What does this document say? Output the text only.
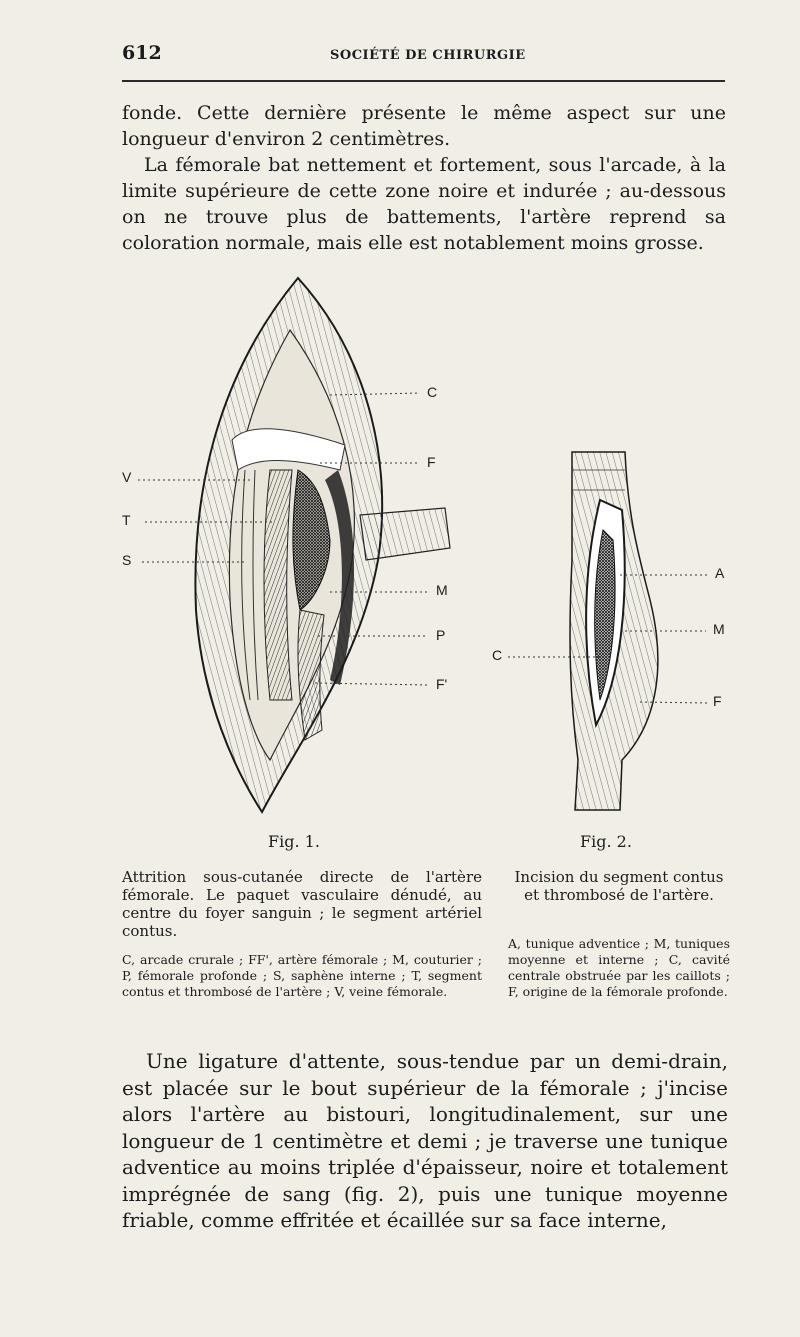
612	SOCIÉTÉ DE CHIRURGIE

fonde. Cette dernière présente le même aspect sur une longueur d'environ 2 centimètres.

La fémorale bat nettement et fortement, sous l'arcade, à la limite supérieure de cette zone noire et indurée ; au-dessous on ne trouve plus de battements, l'artère reprend sa coloration normale, mais elle est notablement moins grosse.

C
F
V
T
S
M
P
F'
A
M
C
F
Fig. 1.	Fig. 2.
Attrition sous-cutanée directe de l'artère fémorale. Le paquet vasculaire dénudé, au centre du foyer sanguin ; le segment artériel contus.
C, arcade crurale ; FF', artère fémorale ; M, couturier ; P, fémorale profonde ; S, saphène interne ; T, segment contus et thrombosé de l'artère ; V, veine fémorale.
Incision du segment contus et thrombosé de l'artère.
A, tunique adventice ; M, tuniques moyenne et interne ; C, cavité centrale obstruée par les caillots ; F, origine de la fémorale profonde.

Une ligature d'attente, sous-tendue par un demi-drain, est placée sur le bout supérieur de la fémorale ; j'incise alors l'artère au bistouri, longitudinalement, sur une longueur de 1 centimètre et demi ; je traverse une tunique adventice au moins triplée d'épaisseur, noire et totalement imprégnée de sang (fig. 2), puis une tunique moyenne friable, comme effritée et écaillée sur sa face interne,
